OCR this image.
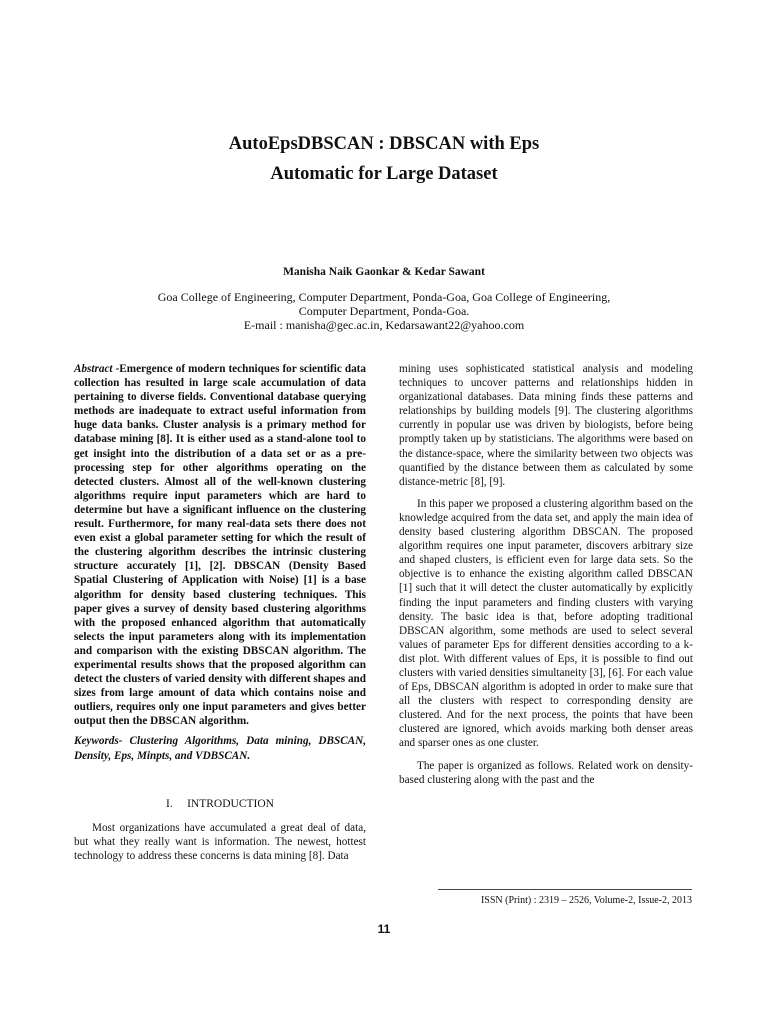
AutoEpsDBSCAN : DBSCAN with Eps
Automatic for Large Dataset
Manisha Naik Gaonkar & Kedar Sawant
Goa College of Engineering, Computer Department, Ponda-Goa, Goa College of Engineering,
Computer Department, Ponda-Goa.
E-mail : manisha@gec.ac.in, Kedarsawant22@yahoo.com

Abstract -Emergence of modern techniques for scientific data collection has resulted in large scale accumulation of data pertaining to diverse fields. Conventional database querying methods are inadequate to extract useful information from huge data banks. Cluster analysis is a primary method for database mining [8]. It is either used as a stand-alone tool to get insight into the distribution of a data set or as a pre-processing step for other algorithms operating on the detected clusters. Almost all of the well-known clustering algorithms require input parameters which are hard to determine but have a significant influence on the clustering result. Furthermore, for many real-data sets there does not even exist a global parameter setting for which the result of the clustering algorithm describes the intrinsic clustering structure accurately [1], [2]. DBSCAN (Density Based Spatial Clustering of Application with Noise) [1] is a base algorithm for density based clustering techniques. This paper gives a survey of density based clustering algorithms with the proposed enhanced algorithm that automatically selects the input parameters along with its implementation and comparison with the existing DBSCAN algorithm. The experimental results shows that the proposed algorithm can detect the clusters of varied density with different shapes and sizes from large amount of data which contains noise and outliers, requires only one input parameters and gives better output then the DBSCAN algorithm.

Keywords- Clustering Algorithms, Data mining, DBSCAN, Density, Eps, Minpts, and VDBSCAN.

I.     INTRODUCTION

Most organizations have accumulated a great deal of data, but what they really want is information. The newest, hottest technology to address these concerns is data mining [8]. Data

mining uses sophisticated statistical analysis and modeling techniques to uncover patterns and relationships hidden in organizational databases. Data mining finds these patterns and relationships by building models [9]. The clustering algorithms currently in popular use was driven by biologists, before being promptly taken up by statisticians. The algorithms were based on the distance-space, where the similarity between two objects was quantified by the distance between them as calculated by some distance-metric [8], [9].

In this paper we proposed a clustering algorithm based on the knowledge acquired from the data set, and apply the main idea of density based clustering algorithm DBSCAN. The proposed algorithm requires one input parameter, discovers arbitrary size and shaped clusters, is efficient even for large data sets. So the objective is to enhance the existing algorithm called DBSCAN [1] such that it will detect the cluster automatically by explicitly finding the input parameters and finding clusters with varying density. The basic idea is that, before adopting traditional DBSCAN algorithm, some methods are used to select several values of parameter Eps for different densities according to a k-dist plot. With different values of Eps, it is possible to find out clusters with varied densities simultaneity [3], [6]. For each value of Eps, DBSCAN algorithm is adopted in order to make sure that all the clusters with respect to corresponding density are clustered. And for the next process, the points that have been clustered are ignored, which avoids marking both denser areas and sparser ones as one cluster.

The paper is organized as follows. Related work on density-based clustering along with the past and the

ISSN (Print) : 2319 – 2526, Volume-2, Issue-2, 2013
11
